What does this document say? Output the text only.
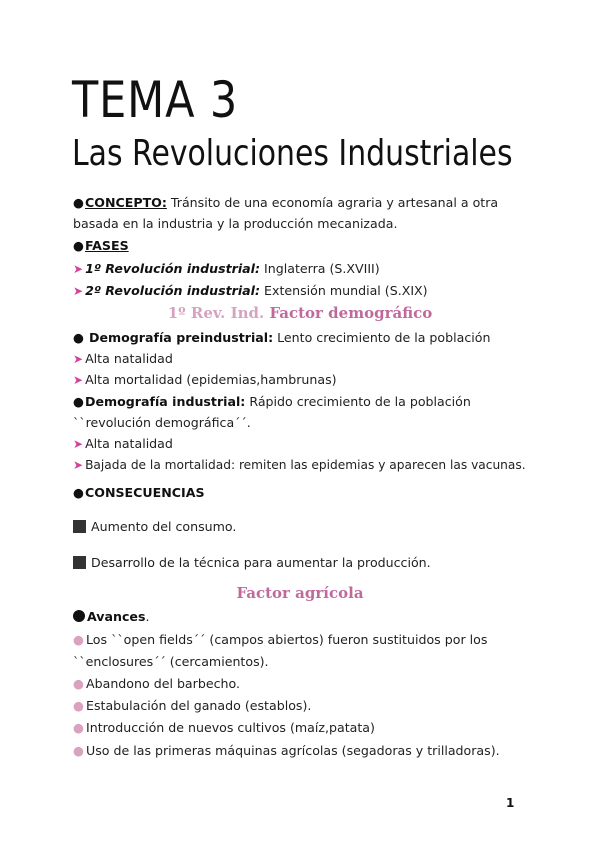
TEMA 3
Las Revoluciones Industriales
●CONCEPTO: Tránsito de una economía agraria y artesanal a otra
basada en la industria y la producción mecanizada.
●FASES
➤ 1º Revolución industrial: Inglaterra (S.XVIII)
➤ 2º Revolución industrial: Extensión mundial (S.XIX)
1º Rev. Ind. Factor demográfico
● Demografía preindustrial: Lento crecimiento de la población
➤ Alta natalidad
➤ Alta mortalidad (epidemias,hambrunas)
●Demografía industrial: Rápido crecimiento de la población
``revolución demográfica´´.
➤ Alta natalidad
➤ Bajada de la mortalidad: remiten las epidemias y aparecen las vacunas.
●CONSECUENCIAS
Aumento del consumo.
Desarrollo de la técnica para aumentar la producción.
Factor agrícola
Avances.
● Los ``open fields´´ (campos abiertos) fueron sustituidos por los
``enclosures´´ (cercamientos).
● Abandono del barbecho.
● Estabulación del ganado (establos).
● Introducción de nuevos cultivos (maíz,patata)
● Uso de las primeras máquinas agrícolas (segadoras y trilladoras).
1
